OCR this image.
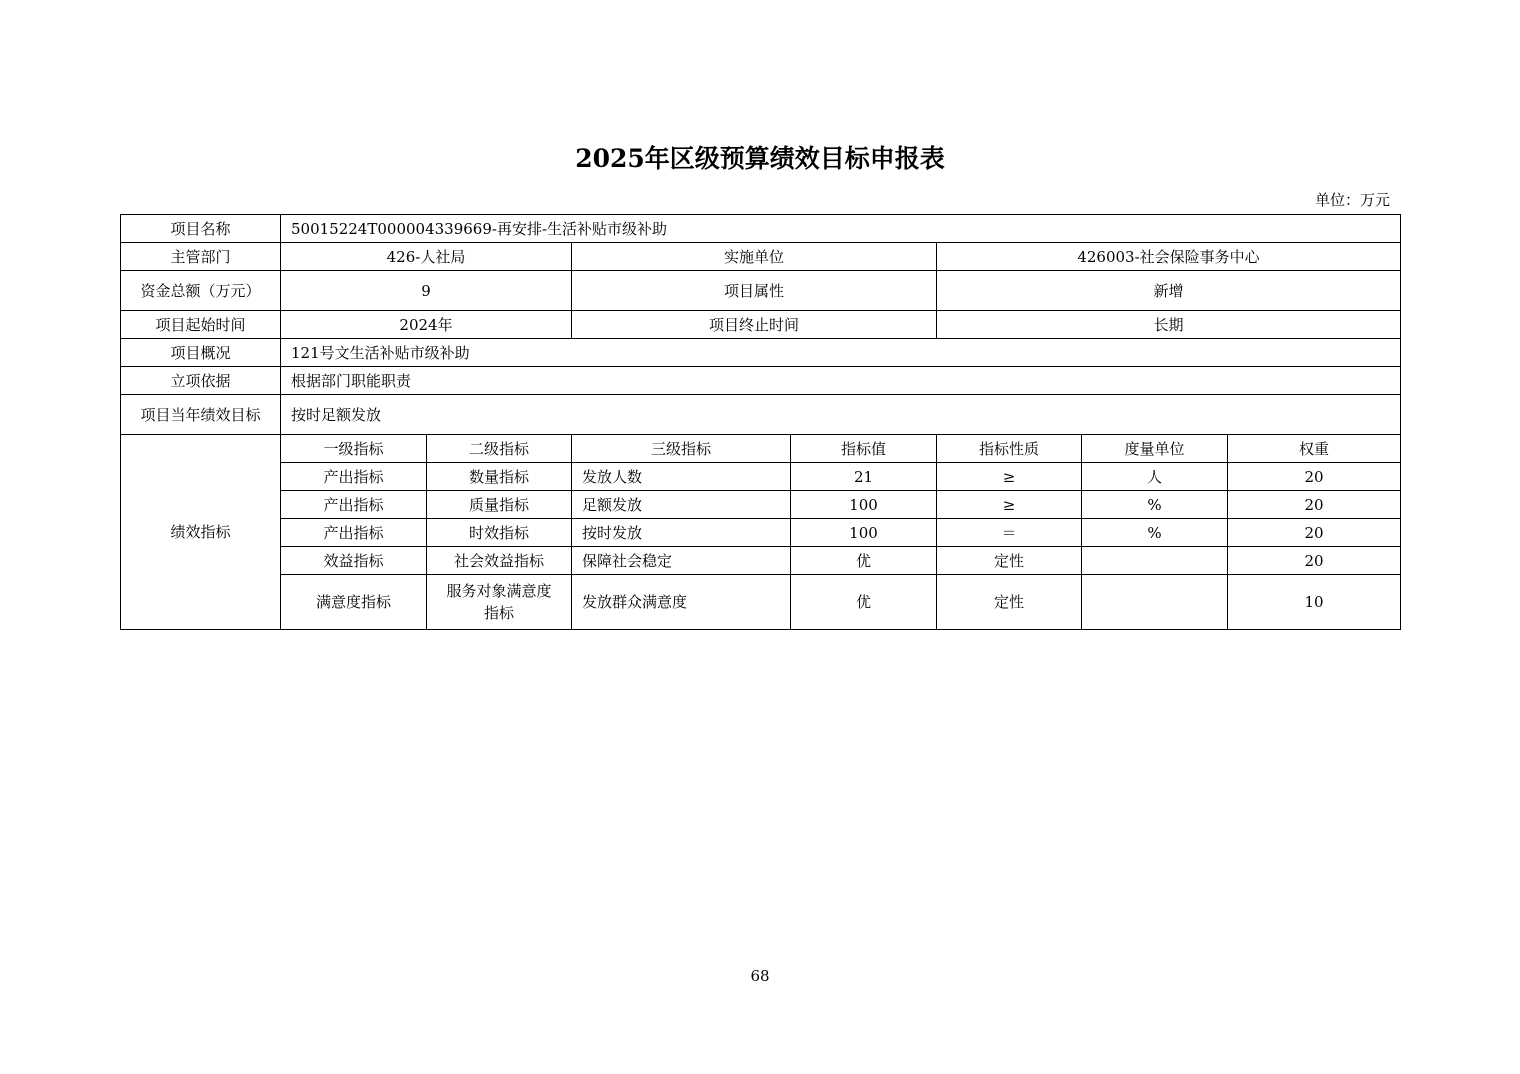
2025年区级预算绩效目标申报表
单位：万元
项目名称	50015224T000004339669-再安排-生活补贴市级补助						
主管部门	426-人社局		实施单位		426003-社会保险事务中心		
资金总额（万元）	9		项目属性		新增		
项目起始时间	2024年		项目终止时间		长期		
项目概况	121号文生活补贴市级补助						
立项依据	根据部门职能职责						
项目当年绩效目标	按时足额发放						
绩效指标	一级指标	二级指标	三级指标	指标值	指标性质	度量单位	权重
	产出指标	数量指标	发放人数	21	≥	人	20
	产出指标	质量指标	足额发放	100	≥	%	20
	产出指标	时效指标	按时发放	100	＝	%	20
	效益指标	社会效益指标	保障社会稳定	优	定性		20
	满意度指标	服务对象满意度指标	发放群众满意度	优	定性		10
68
